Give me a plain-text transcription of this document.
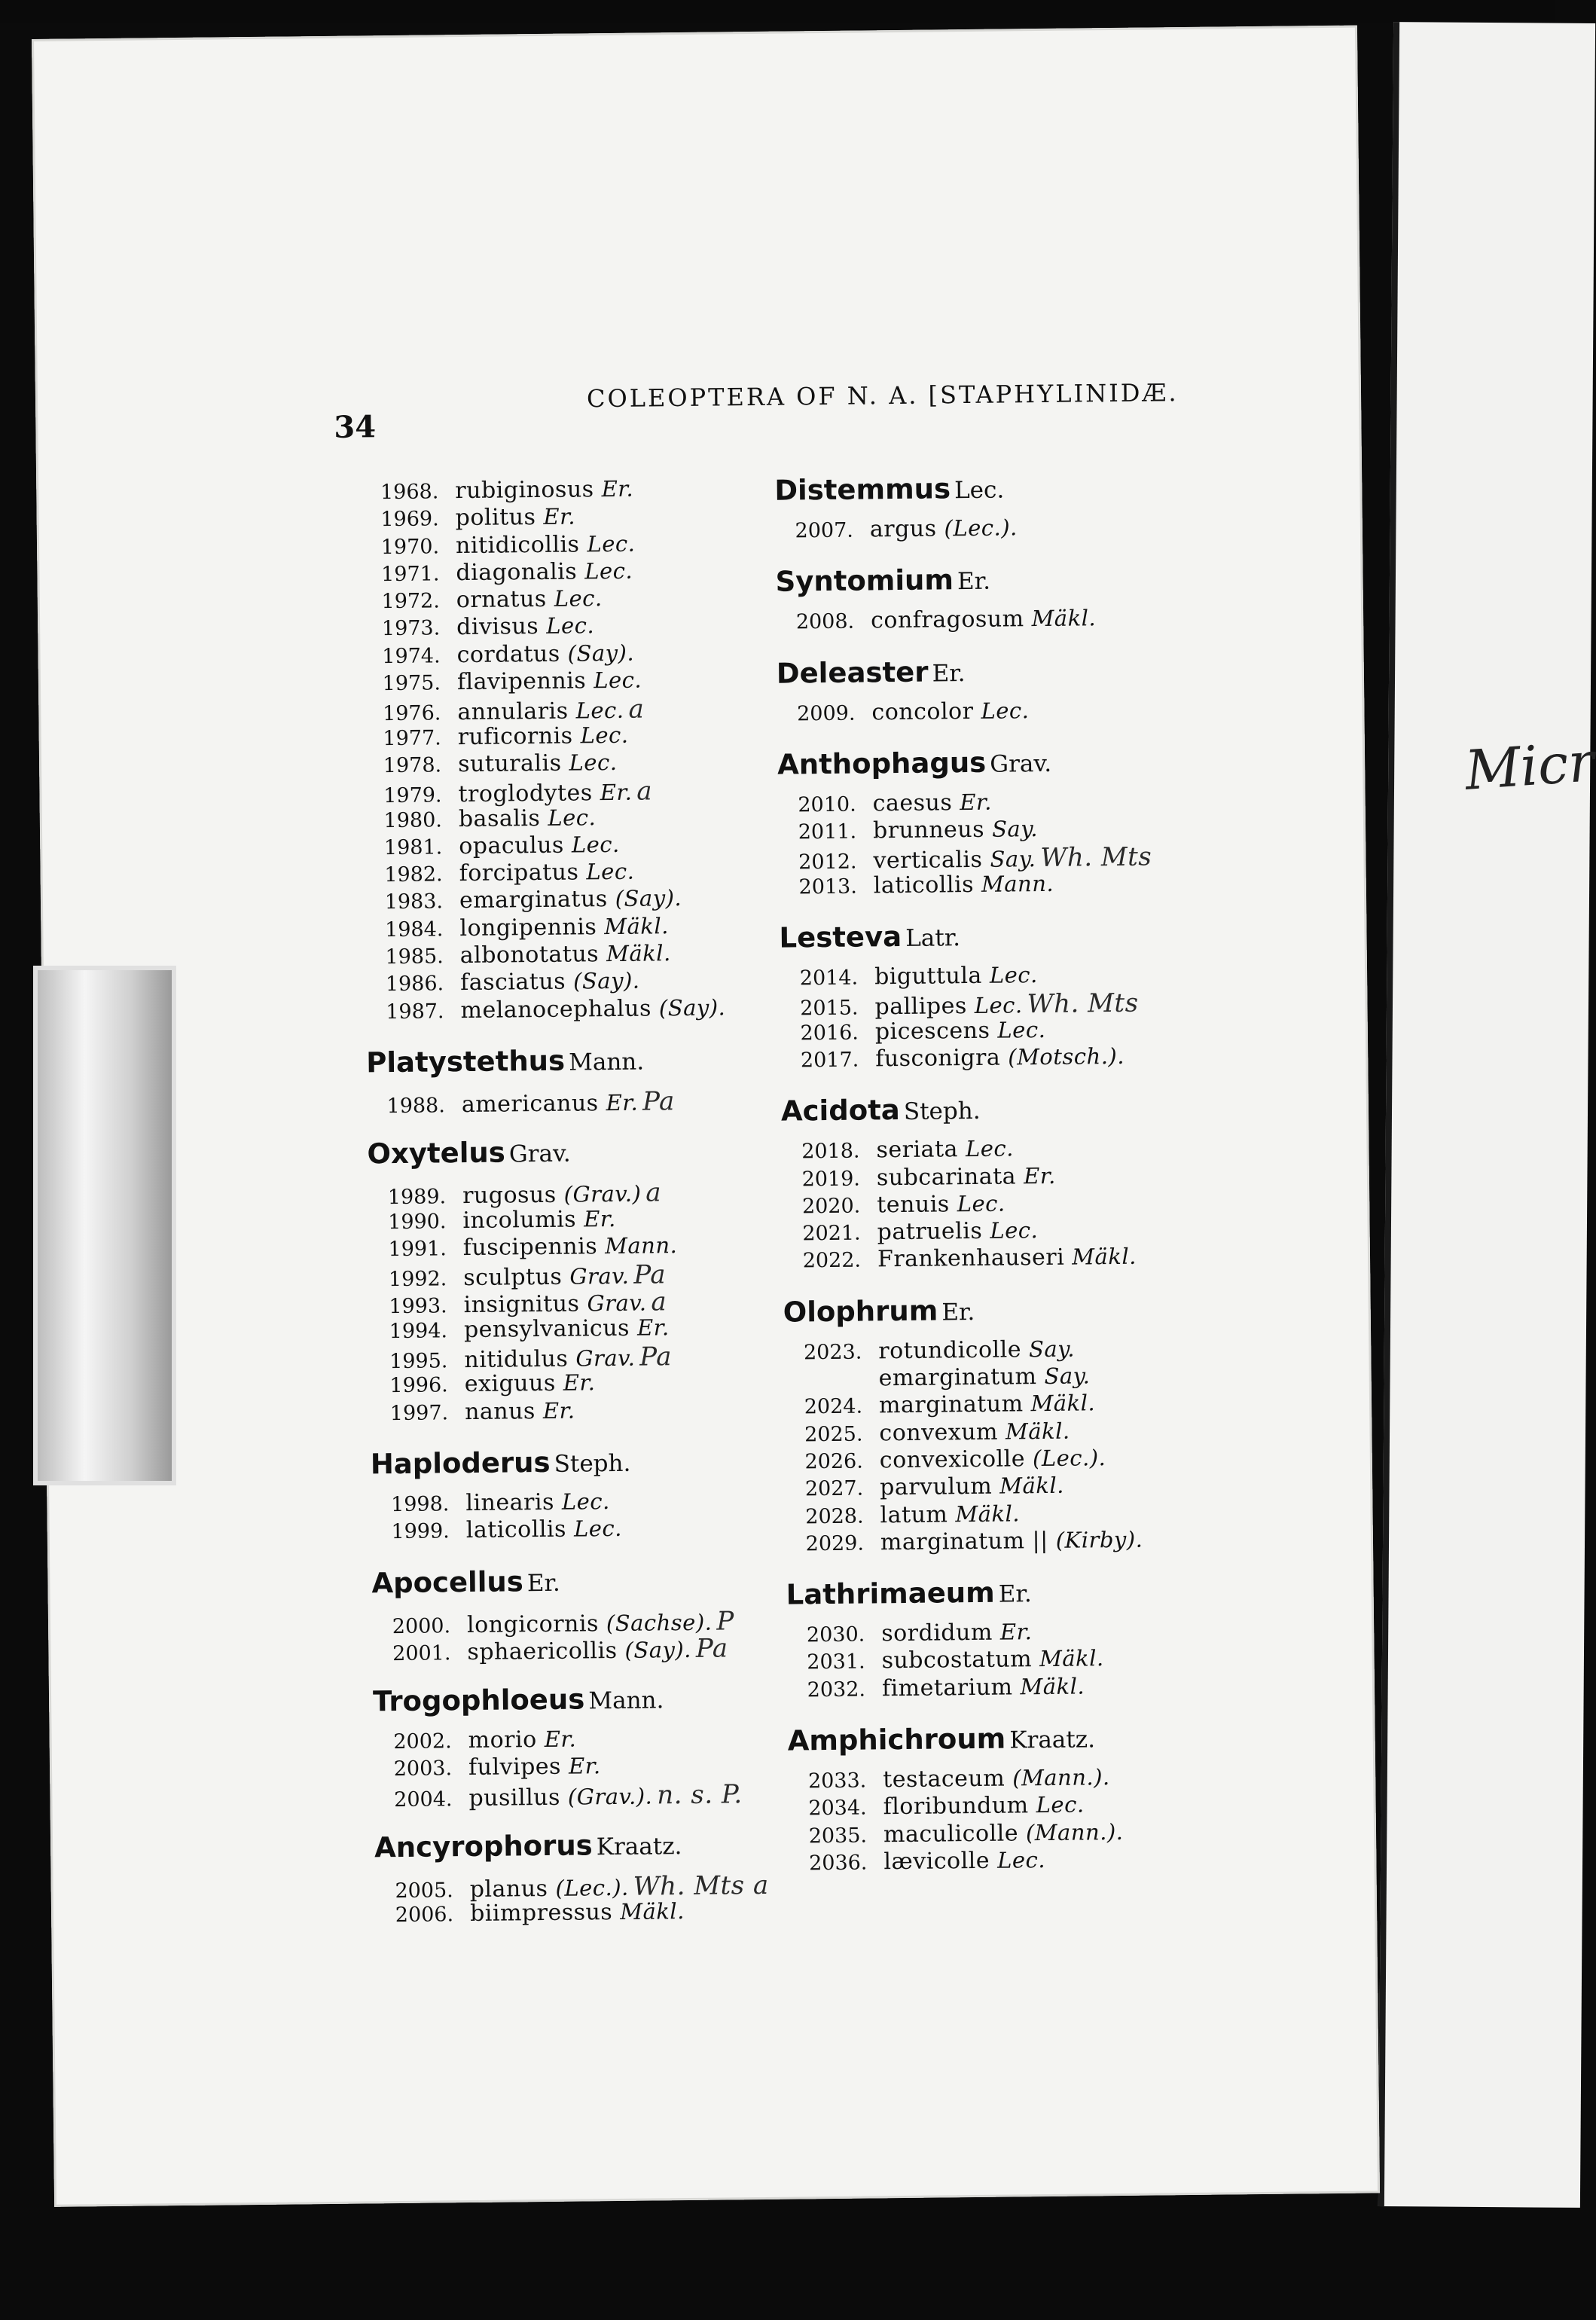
Micr
34
COLEOPTERA OF N. A. [STAPHYLINIDÆ.
1968. rubiginosus Er.
1969. politus Er.
1970. nitidicollis Lec.
1971. diagonalis Lec.
1972. ornatus Lec.
1973. divisus Lec.
1974. cordatus (Say).
1975. flavipennis Lec.
1976. annularis Lec. a
1977. ruficornis Lec.
1978. suturalis Lec.
1979. troglodytes Er. a
1980. basalis Lec.
1981. opaculus Lec.
1982. forcipatus Lec.
1983. emarginatus (Say).
1984. longipennis Mäkl.
1985. albonotatus Mäkl.
1986. fasciatus (Say).
1987. melanocephalus (Say).
Platystethus Mann.
1988. americanus Er. Pa
Oxytelus Grav.
1989. rugosus (Grav.) a
1990. incolumis Er.
1991. fuscipennis Mann.
1992. sculptus Grav. Pa
1993. insignitus Grav. a
1994. pensylvanicus Er.
1995. nitidulus Grav. Pa
1996. exiguus Er.
1997. nanus Er.
Haploderus Steph.
1998. linearis Lec.
1999. laticollis Lec.
Apocellus Er.
2000. longicornis (Sachse). P
2001. sphaericollis (Say). Pa
Trogophloeus Mann.
2002. morio Er.
2003. fulvipes Er.
2004. pusillus (Grav.). n. s. P.
Ancyrophorus Kraatz.
2005. planus (Lec.). Wh. Mts a
2006. biimpressus Mäkl.
Distemmus Lec.
2007. argus (Lec.).
Syntomium Er.
2008. confragosum Mäkl.
Deleaster Er.
2009. concolor Lec.
Anthophagus Grav.
2010. caesus Er.
2011. brunneus Say.
2012. verticalis Say. Wh. Mts
2013. laticollis Mann.
Lesteva Latr.
2014. biguttula Lec.
2015. pallipes Lec. Wh. Mts
2016. picescens Lec.
2017. fusconigra (Motsch.).
Acidota Steph.
2018. seriata Lec.
2019. subcarinata Er.
2020. tenuis Lec.
2021. patruelis Lec.
2022. Frankenhauseri Mäkl.
Olophrum Er.
2023. rotundicolle Say.
emarginatum Say.
2024. marginatum Mäkl.
2025. convexum Mäkl.
2026. convexicolle (Lec.).
2027. parvulum Mäkl.
2028. latum Mäkl.
2029. marginatum || (Kirby).
Lathrimaeum Er.
2030. sordidum Er.
2031. subcostatum Mäkl.
2032. fimetarium Mäkl.
Amphichroum Kraatz.
2033. testaceum (Mann.).
2034. floribundum Lec.
2035. maculicolle (Mann.).
2036. lævicolle Lec.
